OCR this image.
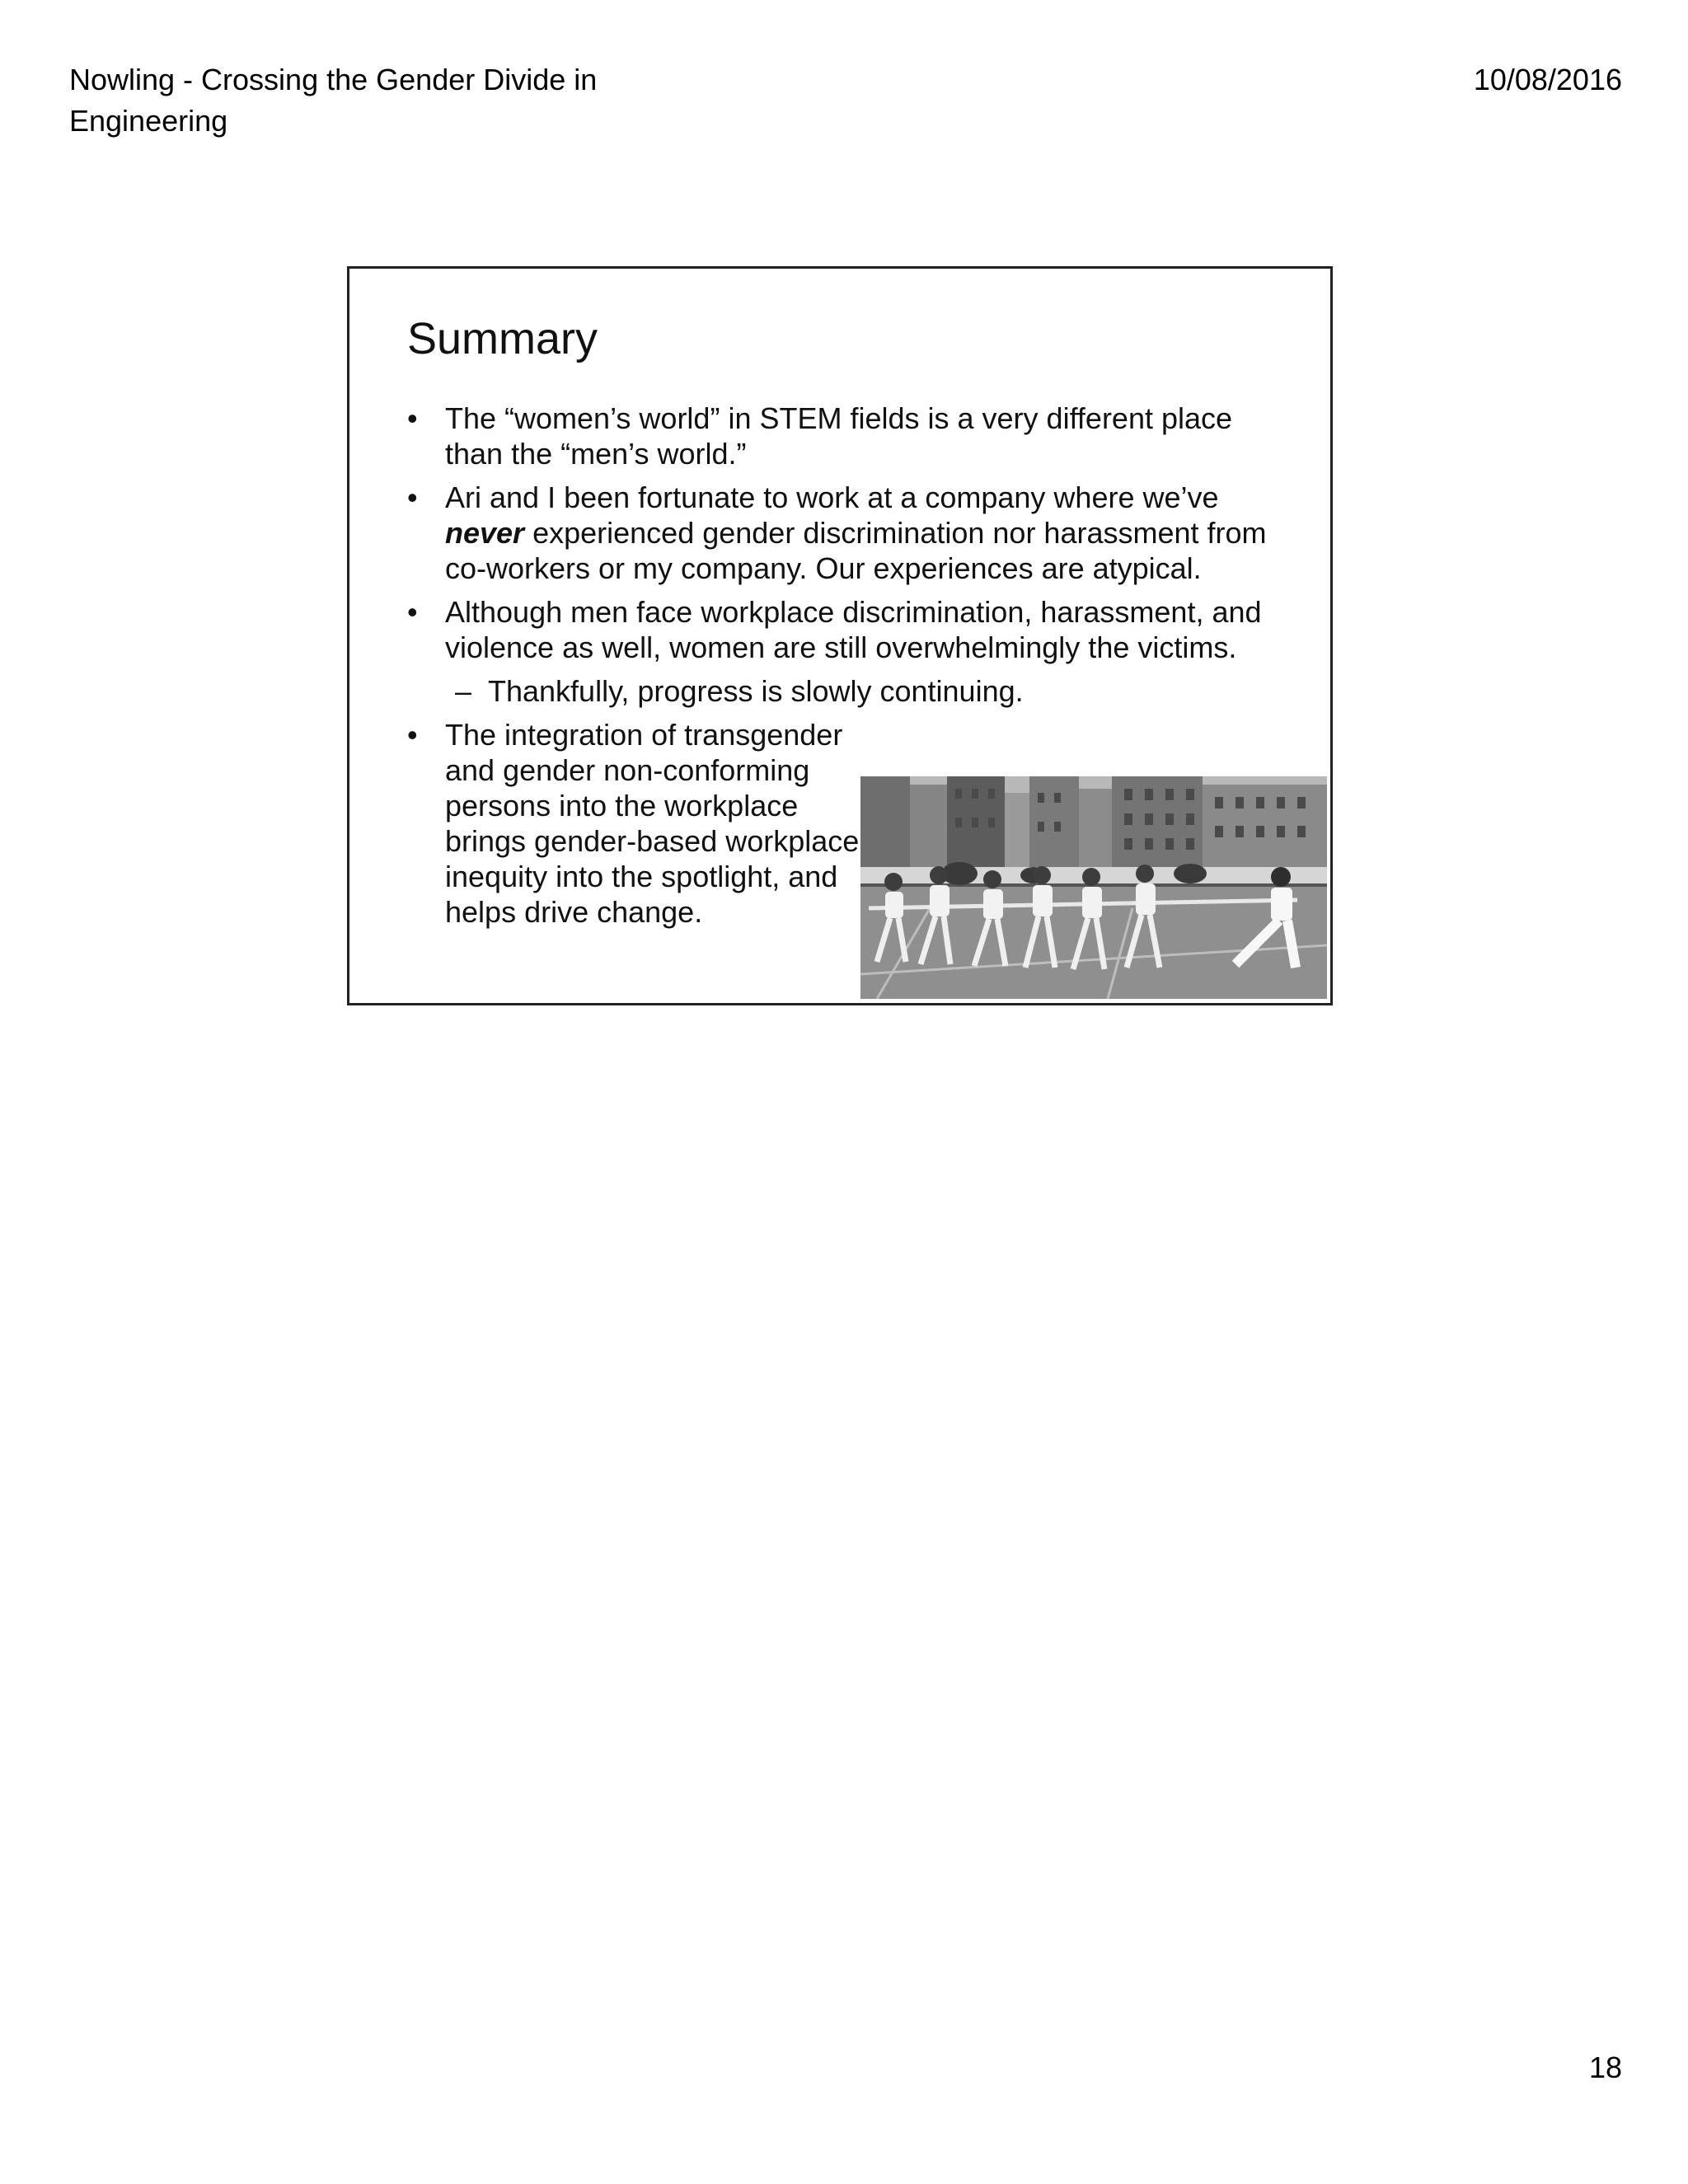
Nowling - Crossing the Gender Divide in
Engineering
10/08/2016
Summary
• The “women’s world” in STEM fields is a very different place than the “men’s world.”
• Ari and I been fortunate to work at a company where we’ve never experienced gender discrimination nor harassment from co-workers or my company. Our experiences are atypical.
• Although men face workplace discrimination, harassment, and violence as well, women are still overwhelmingly the victims.
– Thankfully, progress is slowly continuing.
• The integration of transgender and gender non-conforming persons into the workplace brings gender-based workplace inequity into the spotlight, and helps drive change.
18
